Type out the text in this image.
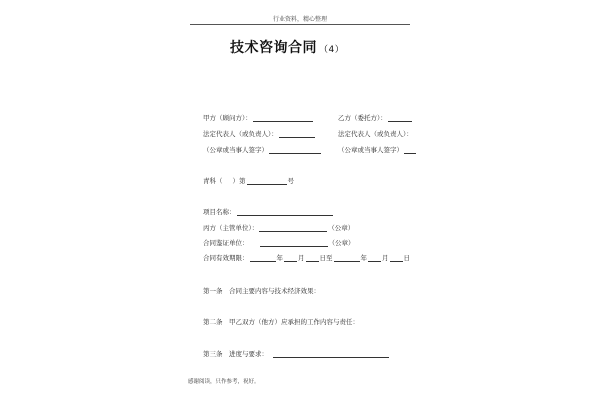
行业资料，精心整理
技术咨询合同 （4）
甲方（顾问方）：	乙方（委托方）：
法定代表人（或负责人）：	法定代表人（或负责人）：
（公章或当事人签字）	（公章或当事人签字）
青科（ ）第	号
项目名称：
丙方（主管单位）：	（公章）
合同鉴证单位：	（公章）
合同有效期限：	年 月 日至	年 月 日
第一条　合同主要内容与技术经济效果：
第二条　甲乙双方（他方）应承担的工作内容与责任：
第三条　进度与要求：
感谢阅读，只作参考，祝好。
